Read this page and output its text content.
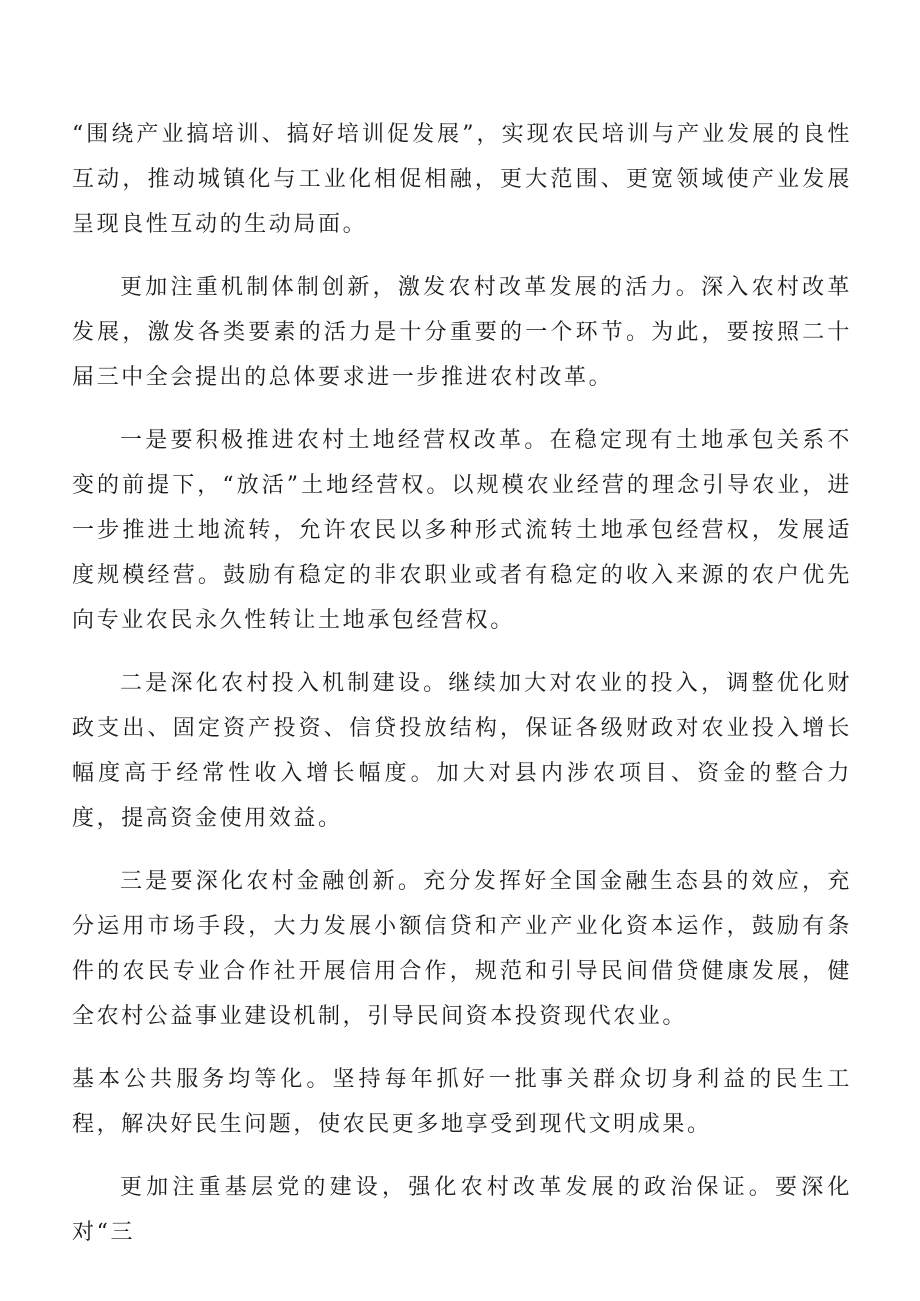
“围绕产业搞培训、搞好培训促发展”，实现农民培训与产业发展的良性互动，推动城镇化与工业化相促相融，更大范围、更宽领域使产业发展呈现良性互动的生动局面。

更加注重机制体制创新，激发农村改革发展的活力。深入农村改革发展，激发各类要素的活力是十分重要的一个环节。为此，要按照二十届三中全会提出的总体要求进一步推进农村改革。

一是要积极推进农村土地经营权改革。在稳定现有土地承包关系不变的前提下，“放活”土地经营权。以规模农业经营的理念引导农业，进一步推进土地流转，允许农民以多种形式流转土地承包经营权，发展适度规模经营。鼓励有稳定的非农职业或者有稳定的收入来源的农户优先向专业农民永久性转让土地承包经营权。

二是深化农村投入机制建设。继续加大对农业的投入，调整优化财政支出、固定资产投资、信贷投放结构，保证各级财政对农业投入增长幅度高于经常性收入增长幅度。加大对县内涉农项目、资金的整合力度，提高资金使用效益。

三是要深化农村金融创新。充分发挥好全国金融生态县的效应，充分运用市场手段，大力发展小额信贷和产业产业化资本运作，鼓励有条件的农民专业合作社开展信用合作，规范和引导民间借贷健康发展，健全农村公益事业建设机制，引导民间资本投资现代农业。

基本公共服务均等化。坚持每年抓好一批事关群众切身利益的民生工程，解决好民生问题，使农民更多地享受到现代文明成果。

更加注重基层党的建设，强化农村改革发展的政治保证。要深化对“三
